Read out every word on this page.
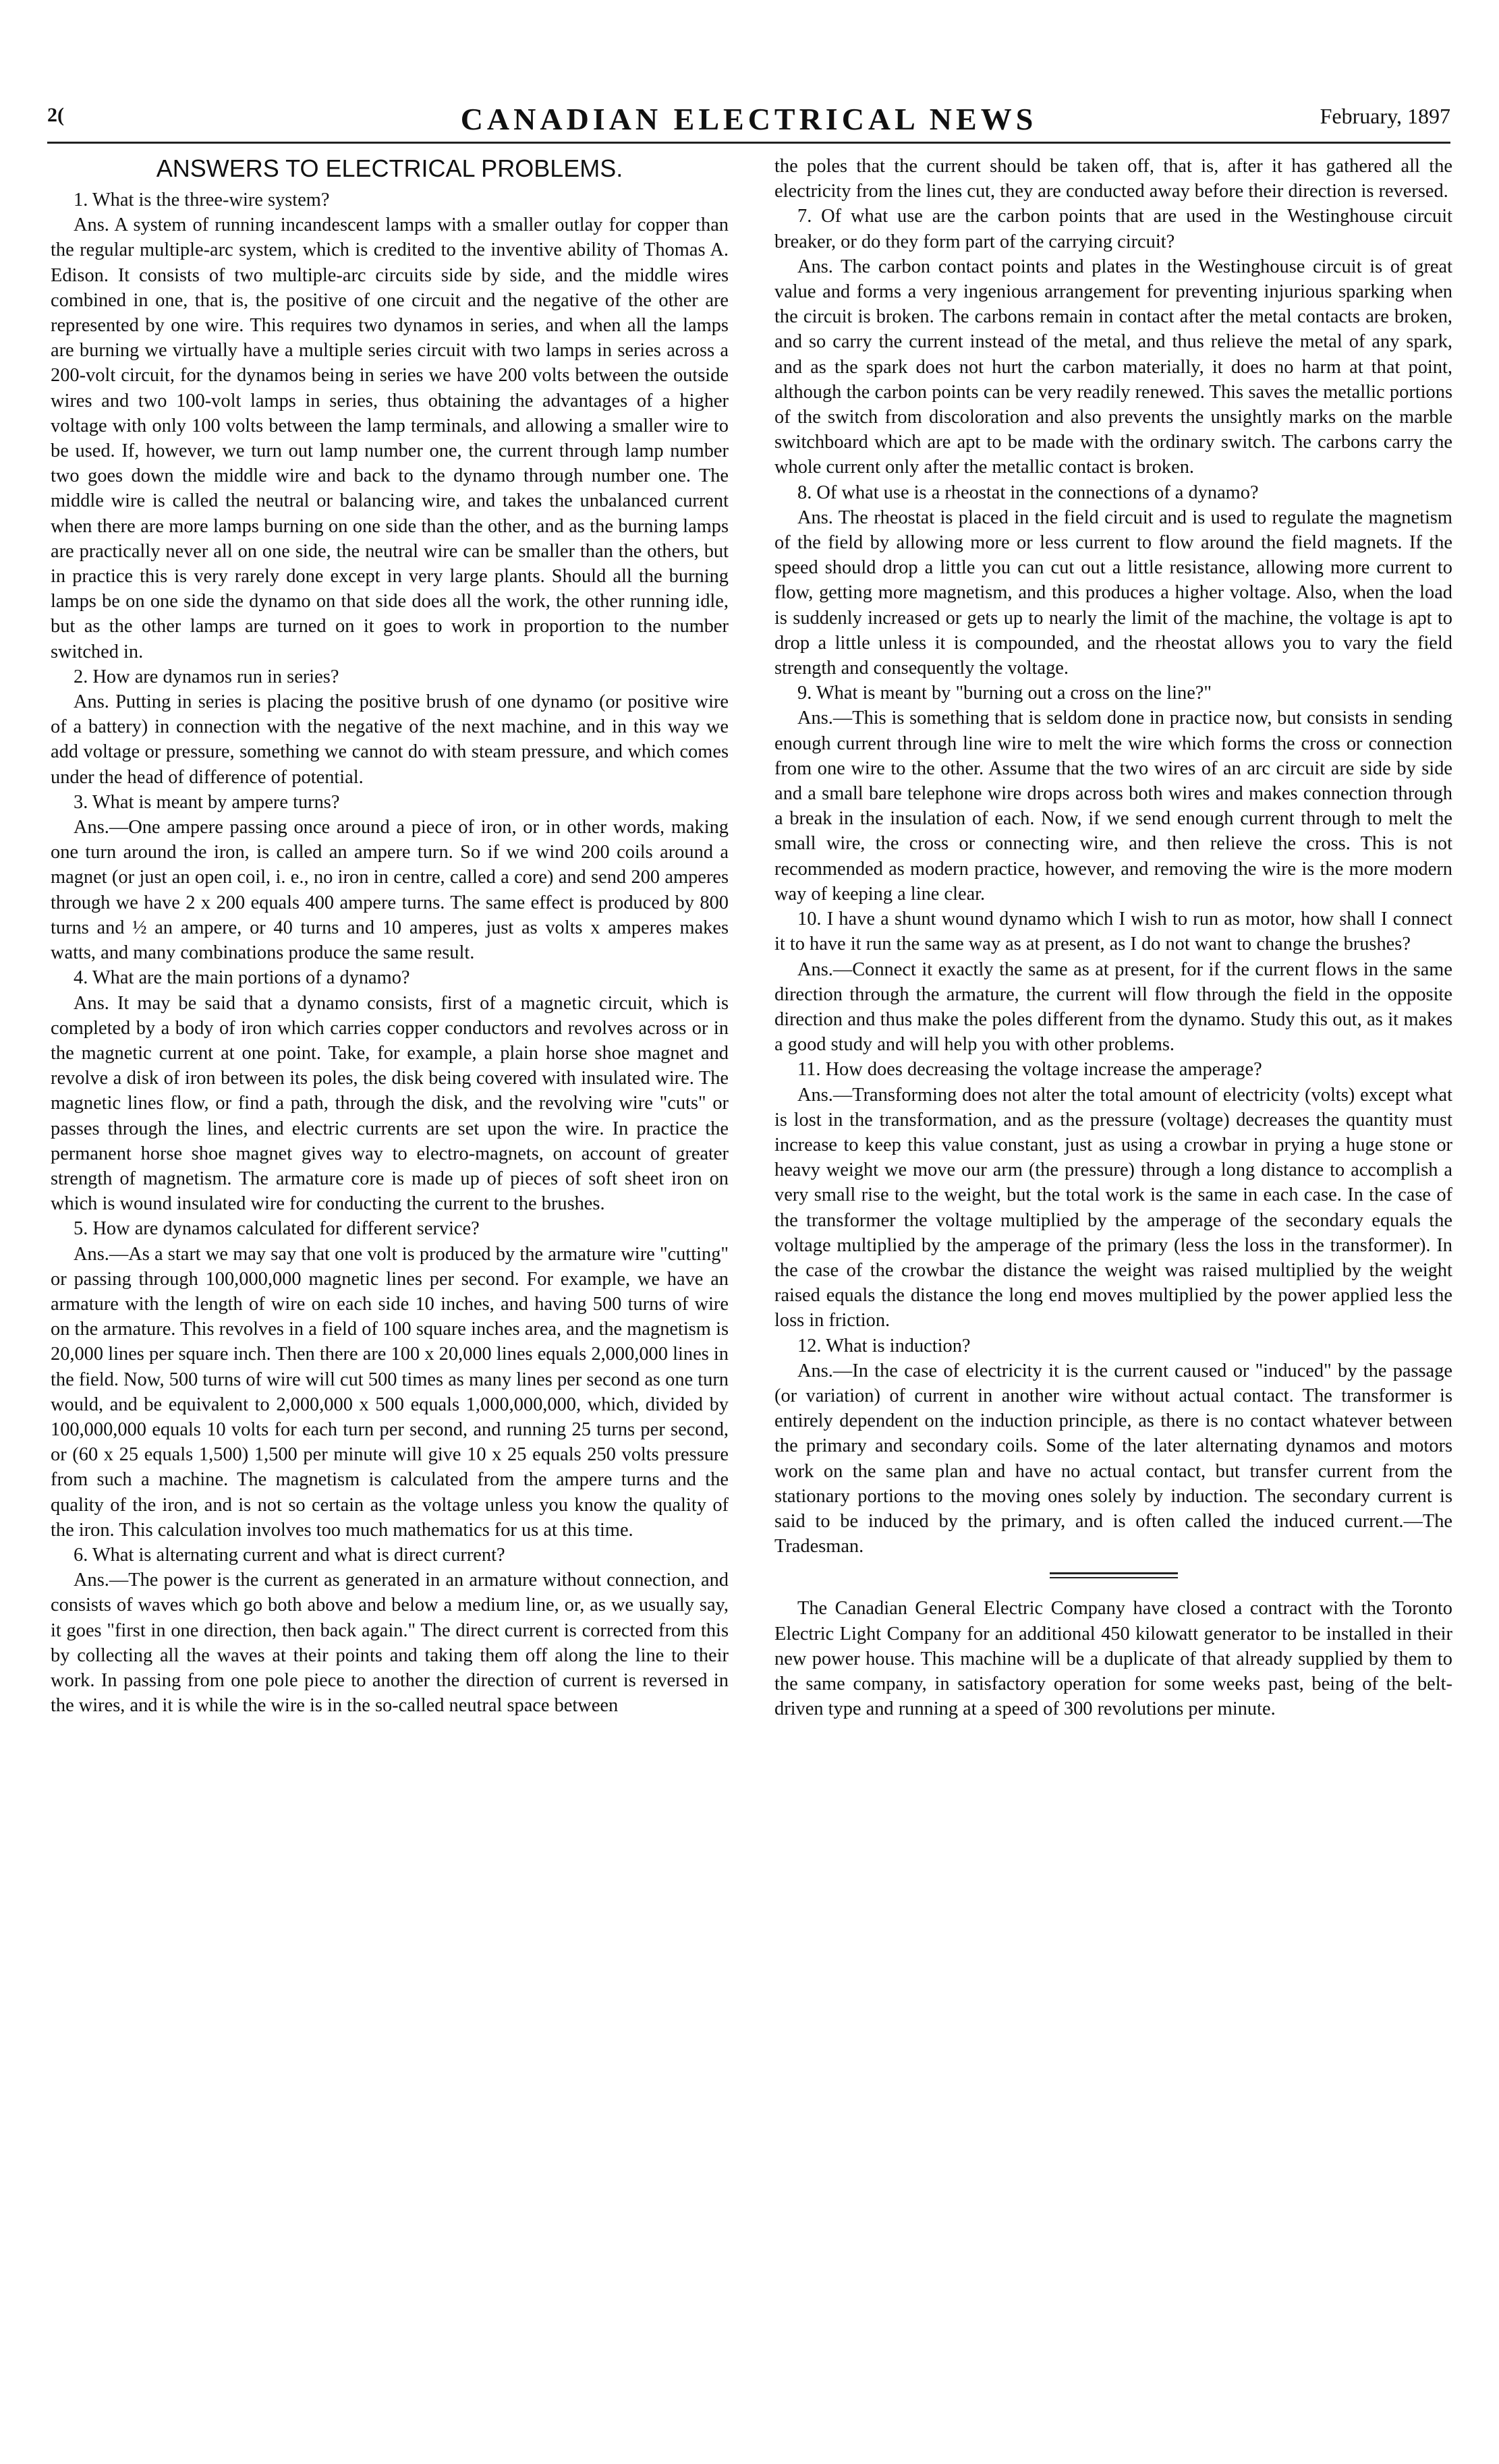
2(	CANADIAN ELECTRICAL NEWS	February, 1897
ANSWERS TO ELECTRICAL PROBLEMS.

1. What is the three-wire system?

Ans. A system of running incandescent lamps with a smaller outlay for copper than the regular multiple-arc system, which is credited to the inventive ability of Thomas A. Edison. It consists of two multiple-arc circuits side by side, and the middle wires combined in one, that is, the positive of one circuit and the negative of the other are represented by one wire. This requires two dynamos in series, and when all the lamps are burning we virtually have a multiple series circuit with two lamps in series across a 200-volt circuit, for the dynamos being in series we have 200 volts between the outside wires and two 100-volt lamps in series, thus obtaining the advantages of a higher voltage with only 100 volts between the lamp terminals, and allowing a smaller wire to be used. If, however, we turn out lamp number one, the current through lamp number two goes down the middle wire and back to the dynamo through number one. The middle wire is called the neutral or balancing wire, and takes the unbalanced current when there are more lamps burning on one side than the other, and as the burning lamps are practically never all on one side, the neutral wire can be smaller than the others, but in practice this is very rarely done except in very large plants. Should all the burning lamps be on one side the dynamo on that side does all the work, the other running idle, but as the other lamps are turned on it goes to work in proportion to the number switched in.

2. How are dynamos run in series?

Ans. Putting in series is placing the positive brush of one dynamo (or positive wire of a battery) in connection with the negative of the next machine, and in this way we add voltage or pressure, something we cannot do with steam pressure, and which comes under the head of difference of potential.

3. What is meant by ampere turns?

Ans.—One ampere passing once around a piece of iron, or in other words, making one turn around the iron, is called an ampere turn. So if we wind 200 coils around a magnet (or just an open coil, i. e., no iron in centre, called a core) and send 200 amperes through we have 2 x 200 equals 400 ampere turns. The same effect is produced by 800 turns and ½ an ampere, or 40 turns and 10 amperes, just as volts x amperes makes watts, and many combinations produce the same result.

4. What are the main portions of a dynamo?

Ans. It may be said that a dynamo consists, first of a magnetic circuit, which is completed by a body of iron which carries copper conductors and revolves across or in the magnetic current at one point. Take, for example, a plain horse shoe magnet and revolve a disk of iron between its poles, the disk being covered with insulated wire. The magnetic lines flow, or find a path, through the disk, and the revolving wire "cuts" or passes through the lines, and electric currents are set upon the wire. In practice the permanent horse shoe magnet gives way to electro-magnets, on account of greater strength of magnetism. The armature core is made up of pieces of soft sheet iron on which is wound insulated wire for conducting the current to the brushes.

5. How are dynamos calculated for different service?

Ans.—As a start we may say that one volt is produced by the armature wire "cutting" or passing through 100,000,000 magnetic lines per second. For example, we have an armature with the length of wire on each side 10 inches, and having 500 turns of wire on the armature. This revolves in a field of 100 square inches area, and the magnetism is 20,000 lines per square inch. Then there are 100 x 20,000 lines equals 2,000,000 lines in the field. Now, 500 turns of wire will cut 500 times as many lines per second as one turn would, and be equivalent to 2,000,000 x 500 equals 1,000,000,000, which, divided by 100,000,000 equals 10 volts for each turn per second, and running 25 turns per second, or (60 x 25 equals 1,500) 1,500 per minute will give 10 x 25 equals 250 volts pressure from such a machine. The magnetism is calculated from the ampere turns and the quality of the iron, and is not so certain as the voltage unless you know the quality of the iron. This calculation involves too much mathematics for us at this time.

6. What is alternating current and what is direct current?

Ans.—The power is the current as generated in an armature without connection, and consists of waves which go both above and below a medium line, or, as we usually say, it goes "first in one direction, then back again." The direct current is corrected from this by collecting all the waves at their points and taking them off along the line to their work. In passing from one pole piece to another the direction of current is reversed in the wires, and it is while the wire is in the so-called neutral space between

the poles that the current should be taken off, that is, after it has gathered all the electricity from the lines cut, they are conducted away before their direction is reversed.

7. Of what use are the carbon points that are used in the Westinghouse circuit breaker, or do they form part of the carrying circuit?

Ans. The carbon contact points and plates in the Westinghouse circuit is of great value and forms a very ingenious arrangement for preventing injurious sparking when the circuit is broken. The carbons remain in contact after the metal contacts are broken, and so carry the current instead of the metal, and thus relieve the metal of any spark, and as the spark does not hurt the carbon materially, it does no harm at that point, although the carbon points can be very readily renewed. This saves the metallic portions of the switch from discoloration and also prevents the unsightly marks on the marble switchboard which are apt to be made with the ordinary switch. The carbons carry the whole current only after the metallic contact is broken.

8. Of what use is a rheostat in the connections of a dynamo?

Ans. The rheostat is placed in the field circuit and is used to regulate the magnetism of the field by allowing more or less current to flow around the field magnets. If the speed should drop a little you can cut out a little resistance, allowing more current to flow, getting more magnetism, and this produces a higher voltage. Also, when the load is suddenly increased or gets up to nearly the limit of the machine, the voltage is apt to drop a little unless it is compounded, and the rheostat allows you to vary the field strength and consequently the voltage.

9. What is meant by "burning out a cross on the line?"

Ans.—This is something that is seldom done in practice now, but consists in sending enough current through line wire to melt the wire which forms the cross or connection from one wire to the other. Assume that the two wires of an arc circuit are side by side and a small bare telephone wire drops across both wires and makes connection through a break in the insulation of each. Now, if we send enough current through to melt the small wire, the cross or connecting wire, and then relieve the cross. This is not recommended as modern practice, however, and removing the wire is the more modern way of keeping a line clear.

10. I have a shunt wound dynamo which I wish to run as motor, how shall I connect it to have it run the same way as at present, as I do not want to change the brushes?

Ans.—Connect it exactly the same as at present, for if the current flows in the same direction through the armature, the current will flow through the field in the opposite direction and thus make the poles different from the dynamo. Study this out, as it makes a good study and will help you with other problems.

11. How does decreasing the voltage increase the amperage?

Ans.—Transforming does not alter the total amount of electricity (volts) except what is lost in the transformation, and as the pressure (voltage) decreases the quantity must increase to keep this value constant, just as using a crowbar in prying a huge stone or heavy weight we move our arm (the pressure) through a long distance to accomplish a very small rise to the weight, but the total work is the same in each case. In the case of the transformer the voltage multiplied by the amperage of the secondary equals the voltage multiplied by the amperage of the primary (less the loss in the transformer). In the case of the crowbar the distance the weight was raised multiplied by the weight raised equals the distance the long end moves multiplied by the power applied less the loss in friction.

12. What is induction?

Ans.—In the case of electricity it is the current caused or "induced" by the passage (or variation) of current in another wire without actual contact. The transformer is entirely dependent on the induction principle, as there is no contact whatever between the primary and secondary coils. Some of the later alternating dynamos and motors work on the same plan and have no actual contact, but transfer current from the stationary portions to the moving ones solely by induction. The secondary current is said to be induced by the primary, and is often called the induced current.—The Tradesman.

The Canadian General Electric Company have closed a contract with the Toronto Electric Light Company for an additional 450 kilowatt generator to be installed in their new power house. This machine will be a duplicate of that already supplied by them to the same company, in satisfactory operation for some weeks past, being of the belt-driven type and running at a speed of 300 revolutions per minute.
